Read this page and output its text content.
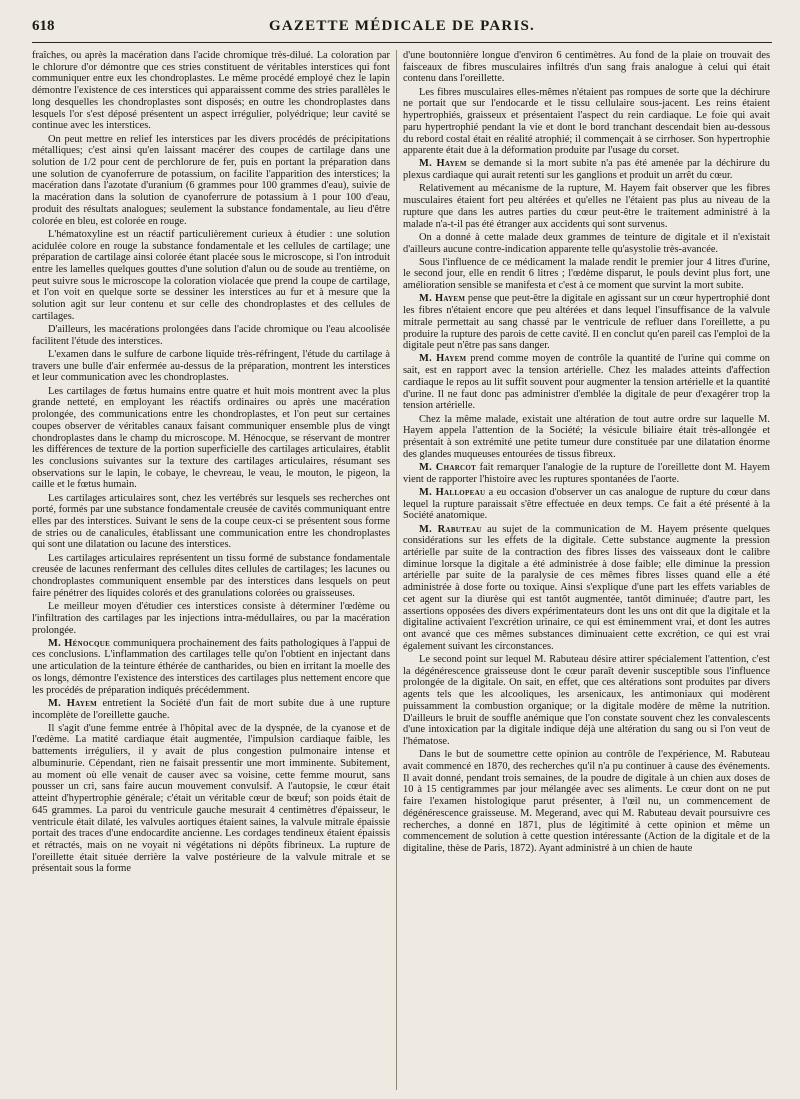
618	GAZETTE MÉDICALE DE PARIS.

fraîches, ou après la macération dans l'acide chromique très-dilué. La coloration par le chlorure d'or démontre que ces stries constituent de véritables interstices qui font communiquer entre eux les chondroplastes. Le même procédé employé chez le lapin démontre l'existence de ces interstices qui apparaissent comme des stries parallèles le long desquelles les chondroplastes sont disposés; en outre les chondroplastes dans lesquels l'or s'est déposé présentent un aspect irrégulier, polyédrique; leur cavité se continue avec les interstices.

On peut mettre en relief les interstices par les divers procédés de précipitations métalliques; c'est ainsi qu'en laissant macérer des coupes de cartilage dans une solution de 1/2 pour cent de perchlorure de fer, puis en portant la préparation dans une solution de cyanoferrure de potassium, on facilite l'apparition des interstices; la macération dans l'azotate d'uranium (6 grammes pour 100 grammes d'eau), suivie de la macération dans la solution de cyanoferrure de potassium à 1 pour 100 d'eau, produit des résultats analogues; seulement la substance fondamentale, au lieu d'être colorée en bleu, est colorée en rouge.

L'hématoxyline est un réactif particulièrement curieux à étudier : une solution acidulée colore en rouge la substance fondamentale et les cellules de cartilage; une préparation de cartilage ainsi colorée étant placée sous le microscope, si l'on introduit entre les lamelles quelques gouttes d'une solution d'alun ou de soude au trentième, on peut suivre sous le microscope la coloration violacée que prend la coupe de cartilage, et l'on voit en quelque sorte se dessiner les interstices au fur et à mesure que la solution agit sur leur contenu et sur celle des chondroplastes et des cellules de cartilages.

D'ailleurs, les macérations prolongées dans l'acide chromique ou l'eau alcoolisée facilitent l'étude des interstices.

L'examen dans le sulfure de carbone liquide très-réfringent, l'étude du cartilage à travers une bulle d'air enfermée au-dessus de la préparation, montrent les interstices et leur communication avec les chondroplastes.

Les cartilages de fœtus humains entre quatre et huit mois montrent avec la plus grande netteté, en employant les réactifs ordinaires ou après une macération prolongée, des communications entre les chondroplastes, et l'on peut sur certaines coupes observer de véritables canaux faisant communiquer ensemble plus de vingt chondroplastes dans le champ du microscope. M. Hénocque, se réservant de montrer les différences de texture de la portion superficielle des cartilages articulaires, établit les conclusions suivantes sur la texture des cartilages articulaires, résumant ses observations sur le lapin, le cobaye, le chevreau, le veau, le mouton, le pigeon, la caille et le fœtus humain.

Les cartilages articulaires sont, chez les vertébrés sur lesquels ses recherches ont porté, formés par une substance fondamentale creusée de cavités communiquant entre elles par des interstices. Suivant le sens de la coupe ceux-ci se présentent sous forme de stries ou de canalicules, établissant une communication entre les chondroplastes qui sont une dilatation ou lacune des interstices.

Les cartilages articulaires représentent un tissu formé de substance fondamentale creusée de lacunes renfermant des cellules dites cellules de cartilages; les lacunes ou chondroplastes communiquent ensemble par des interstices dans lesquels on peut faire pénétrer des liquides colorés et des granulations colorées ou graisseuses.

Le meilleur moyen d'étudier ces interstices consiste à déterminer l'œdème ou l'infiltration des cartilages par les injections intra-médullaires, ou par la macération prolongée.

M. Hénocque communiquera prochainement des faits pathologiques à l'appui de ces conclusions. L'inflammation des cartilages telle qu'on l'obtient en injectant dans une articulation de la teinture éthérée de cantharides, ou bien en irritant la moelle des os longs, démontre l'existence des interstices des cartilages plus nettement encore que les procédés de préparation indiqués précédemment.

M. Hayem entretient la Société d'un fait de mort subite due à une rupture incomplète de l'oreillette gauche.

Il s'agit d'une femme entrée à l'hôpital avec de la dyspnée, de la cyanose et de l'œdème. La matité cardiaque était augmentée, l'impulsion cardiaque faible, les battements irréguliers, il y avait de plus congestion pulmonaire intense et albuminurie. Cépendant, rien ne faisait pressentir une mort imminente. Subitement, au moment où elle venait de causer avec sa voisine, cette femme mourut, sans pousser un cri, sans faire aucun mouvement convulsif. A l'autopsie, le cœur était atteint d'hypertrophie générale; c'était un véritable cœur de bœuf; son poids était de 645 grammes. La paroi du ventricule gauche mesurait 4 centimètres d'épaisseur, le ventricule était dilaté, les valvules aortiques étaient saines, la valvule mitrale épaissie portait des traces d'une endocardite ancienne. Les cordages tendineux étaient épaissis et rétractés, mais on ne voyait ni végétations ni dépôts fibrineux. La rupture de l'oreillette était située derrière la valve postérieure de la valvule mitrale et se présentait sous la forme

d'une boutonnière longue d'environ 6 centimètres. Au fond de la plaie on trouvait des faisceaux de fibres musculaires infiltrés d'un sang frais analogue à celui qui était contenu dans l'oreillette.

Les fibres musculaires elles-mêmes n'étaient pas rompues de sorte que la déchirure ne portait que sur l'endocarde et le tissu cellulaire sous-jacent. Les reins étaient hypertrophiés, graisseux et présentaient l'aspect du rein cardiaque. Le foie qui avait paru hypertrophié pendant la vie et dont le bord tranchant descendait bien au-dessous du rebord costal était en réalité atrophié; il commençait à se cirrhoser. Son hypertrophie apparente était due à la déformation produite par l'usage du corset.

M. Hayem se demande si la mort subite n'a pas été amenée par la déchirure du plexus cardiaque qui aurait retenti sur les ganglions et produit un arrêt du cœur.

Relativement au mécanisme de la rupture, M. Hayem fait observer que les fibres musculaires étaient fort peu altérées et qu'elles ne l'étaient pas plus au niveau de la rupture que dans les autres parties du cœur peut-être le traitement administré à la malade n'a-t-il pas été étranger aux accidents qui sont survenus.

On a donné à cette malade deux grammes de teinture de digitale et il n'existait d'ailleurs aucune contre-indication apparente telle qu'asystolie très-avancée.

Sous l'influence de ce médicament la malade rendit le premier jour 4 litres d'urine, le second jour, elle en rendit 6 litres ; l'œdème disparut, le pouls devint plus fort, une amélioration sensible se manifesta et c'est à ce moment que survint la mort subite.

M. Hayem pense que peut-être la digitale en agissant sur un cœur hypertrophié dont les fibres n'étaient encore que peu altérées et dans lequel l'insuffisance de la valvule mitrale permettait au sang chassé par le ventricule de refluer dans l'oreillette, a pu produire la rupture des parois de cette cavité. Il en conclut qu'en pareil cas l'emploi de la digitale peut n'être pas sans danger.

M. Hayem prend comme moyen de contrôle la quantité de l'urine qui comme on sait, est en rapport avec la tension artérielle. Chez les malades atteints d'affection cardiaque le repos au lit suffit souvent pour augmenter la tension artérielle et la quantité d'urine. Il ne faut donc pas administrer d'emblée la digitale de peur d'exagérer trop la tension artérielle.

Chez la même malade, existait une altération de tout autre ordre sur laquelle M. Hayem appela l'attention de la Société; la vésicule biliaire était très-allongée et présentait à son extrémité une petite tumeur dure constituée par une dilatation énorme des glandes muqueuses entourées de tissus fibreux.

M. Charcot fait remarquer l'analogie de la rupture de l'oreillette dont M. Hayem vient de rapporter l'histoire avec les ruptures spontanées de l'aorte.

M. Hallopeau a eu occasion d'observer un cas analogue de rupture du cœur dans lequel la rupture paraissait s'être effectuée en deux temps. Ce fait a été présenté à la Société anatomique.

M. Rabuteau au sujet de la communication de M. Hayem présente quelques considérations sur les effets de la digitale. Cette substance augmente la pression artérielle par suite de la contraction des fibres lisses des vaisseaux dont le calibre diminue lorsque la digitale a été administrée à dose faible; elle diminue la pression artérielle par suite de la paralysie de ces mêmes fibres lisses quand elle a été administrée à dose forte ou toxique. Ainsi s'explique d'une part les effets variables de cet agent sur la diurèse qui est tantôt augmentée, tantôt diminuée; d'autre part, les assertions opposées des divers expérimentateurs dont les uns ont dit que la digitale et la digitaline activaient l'excrétion urinaire, ce qui est éminemment vrai, et dont les autres ont avancé que ces mêmes substances diminuaient cette excrétion, ce qui est vrai également suivant les circonstances.

Le second point sur lequel M. Rabuteau désire attirer spécialement l'attention, c'est la dégénérescence graisseuse dont le cœur paraît devenir susceptible sous l'influence prolongée de la digitale. On sait, en effet, que ces altérations sont produites par divers agents tels que les alcooliques, les arsenicaux, les antimoniaux qui modèrent puissamment la combustion organique; or la digitale modère de même la nutrition. D'ailleurs le bruit de souffle anémique que l'on constate souvent chez les convalescents d'une intoxication par la digitale indique déjà une altération du sang ou si l'on veut de l'hématose.

Dans le but de soumettre cette opinion au contrôle de l'expérience, M. Rabuteau avait commencé en 1870, des recherches qu'il n'a pu continuer à cause des événements. Il avait donné, pendant trois semaines, de la poudre de digitale à un chien aux doses de 10 à 15 centigrammes par jour mélangée avec ses aliments. Le cœur dont on ne put faire l'examen histologique parut présenter, à l'œil nu, un commencement de dégénérescence graisseuse. M. Megerand, avec qui M. Rabuteau devait poursuivre ces recherches, a donné en 1871, plus de légitimité à cette opinion et même un commencement de solution à cette question intéressante (Action de la digitale et de la digitaline, thèse de Paris, 1872). Ayant administré à un chien de haute
